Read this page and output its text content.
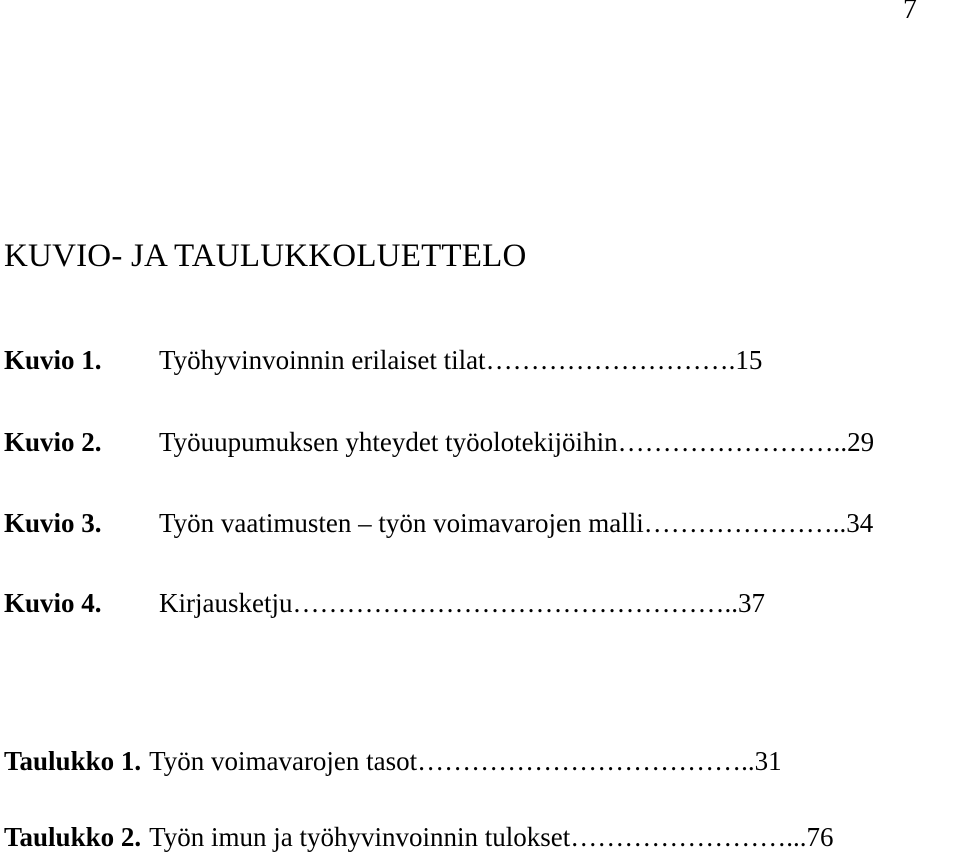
7
KUVIO- JA TAULUKKOLUETTELO
Kuvio 1.	Työhyvinvoinnin erilaiset tilat ………………………. 15
Kuvio 2.	Työuupumuksen yhteydet työolotekijöihin …………………….. 29
Kuvio 3.	Työn vaatimusten – työn voimavarojen malli ………………….. 34
Kuvio 4.	Kirjausketju ………………………………………….. 37
Taulukko 1. Työn voimavarojen tasot ……………………………….. 31
Taulukko 2. Työn imun ja työhyvinvoinnin tulokset ……………………... 76
